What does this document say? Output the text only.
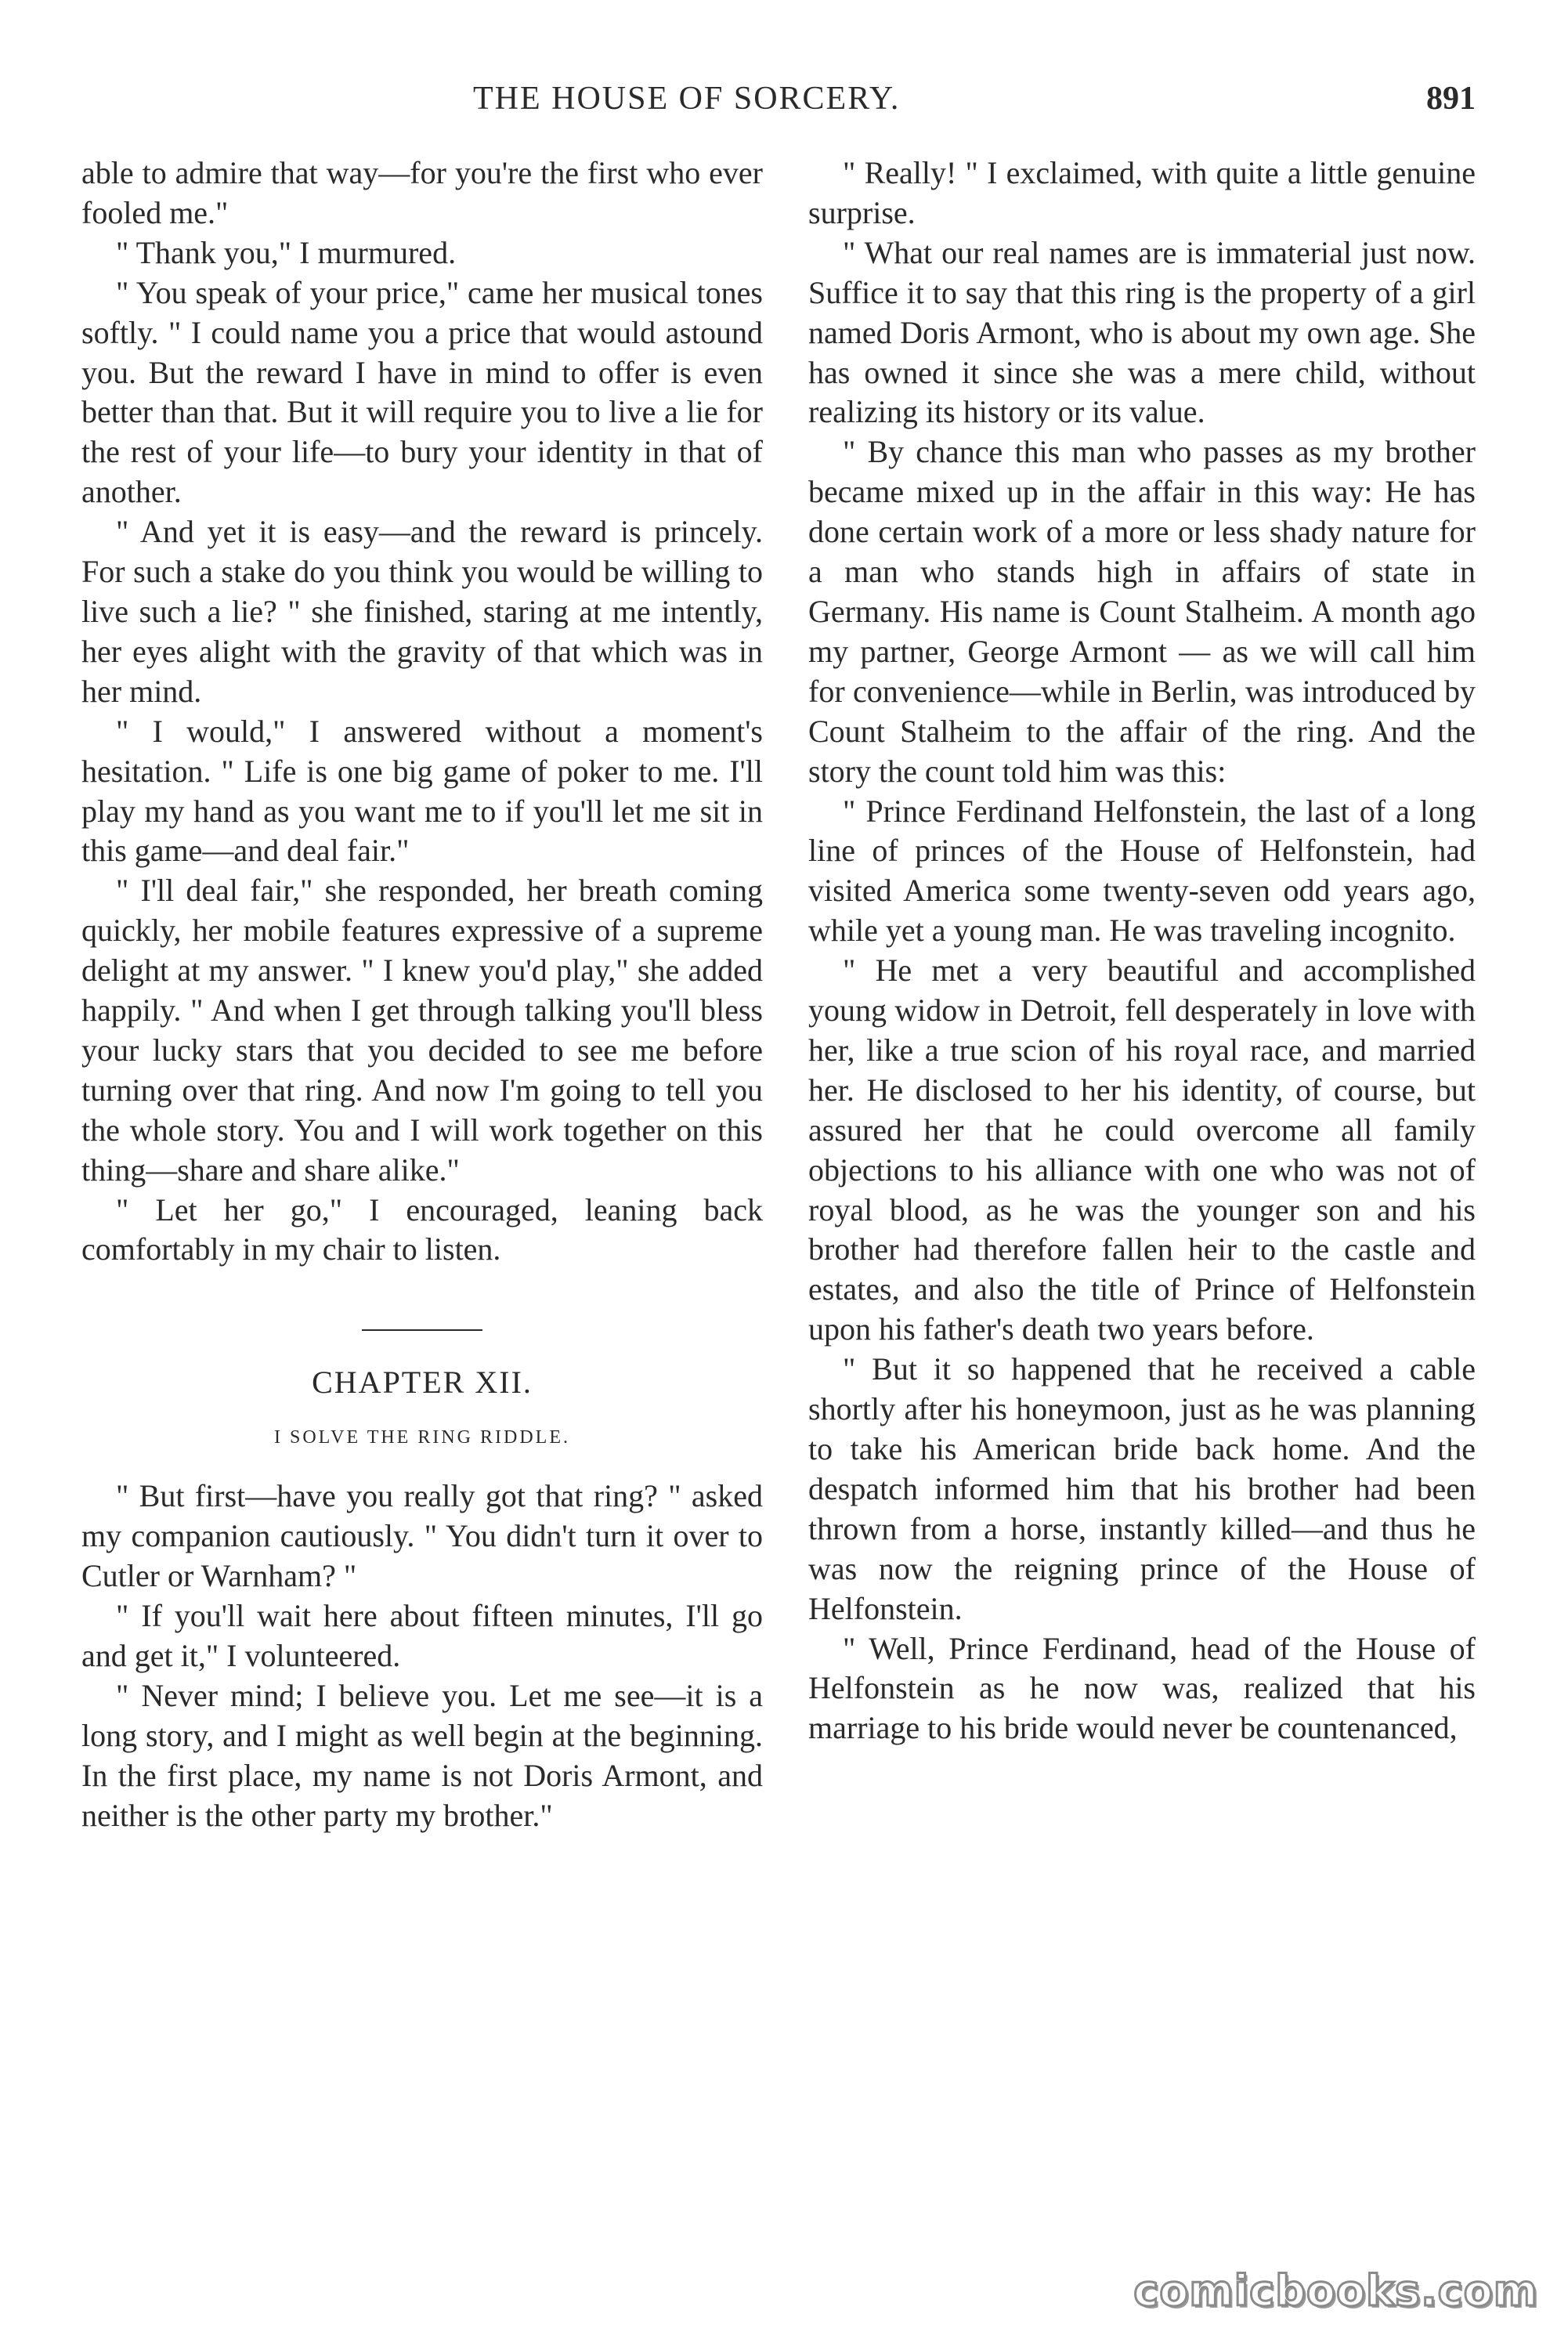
THE HOUSE OF SORCERY.	891

able to admire that way—for you're the first who ever fooled me."

" Thank you," I murmured.

" You speak of your price," came her musical tones softly. " I could name you a price that would astound you. But the reward I have in mind to offer is even better than that. But it will require you to live a lie for the rest of your life—to bury your identity in that of another.

" And yet it is easy—and the reward is princely. For such a stake do you think you would be willing to live such a lie? " she finished, staring at me intently, her eyes alight with the gravity of that which was in her mind.

" I would," I answered without a moment's hesitation. " Life is one big game of poker to me. I'll play my hand as you want me to if you'll let me sit in this game—and deal fair."

" I'll deal fair," she responded, her breath coming quickly, her mobile features expressive of a supreme delight at my answer. " I knew you'd play," she added happily. " And when I get through talking you'll bless your lucky stars that you decided to see me before turning over that ring. And now I'm going to tell you the whole story. You and I will work together on this thing—share and share alike."

" Let her go," I encouraged, leaning back comfortably in my chair to listen.

CHAPTER XII.
I SOLVE THE RING RIDDLE.

" But first—have you really got that ring? " asked my companion cautiously. " You didn't turn it over to Cutler or Warnham? "

" If you'll wait here about fifteen minutes, I'll go and get it," I volunteered.

" Never mind; I believe you. Let me see—it is a long story, and I might as well begin at the beginning. In the first place, my name is not Doris Armont, and neither is the other party my brother."

" Really! " I exclaimed, with quite a little genuine surprise.

" What our real names are is immaterial just now. Suffice it to say that this ring is the property of a girl named Doris Armont, who is about my own age. She has owned it since she was a mere child, without realizing its history or its value.

" By chance this man who passes as my brother became mixed up in the affair in this way: He has done certain work of a more or less shady nature for a man who stands high in affairs of state in Germany. His name is Count Stalheim. A month ago my partner, George Armont — as we will call him for convenience—while in Berlin, was introduced by Count Stalheim to the affair of the ring. And the story the count told him was this:

" Prince Ferdinand Helfonstein, the last of a long line of princes of the House of Helfonstein, had visited America some twenty-seven odd years ago, while yet a young man. He was traveling incognito.

" He met a very beautiful and accomplished young widow in Detroit, fell desperately in love with her, like a true scion of his royal race, and married her. He disclosed to her his identity, of course, but assured her that he could overcome all family objections to his alliance with one who was not of royal blood, as he was the younger son and his brother had therefore fallen heir to the castle and estates, and also the title of Prince of Helfonstein upon his father's death two years before.

" But it so happened that he received a cable shortly after his honeymoon, just as he was planning to take his American bride back home. And the despatch informed him that his brother had been thrown from a horse, instantly killed—and thus he was now the reigning prince of the House of Helfonstein.

" Well, Prince Ferdinand, head of the House of Helfonstein as he now was, realized that his marriage to his bride would never be countenanced,

comicbooks.com
